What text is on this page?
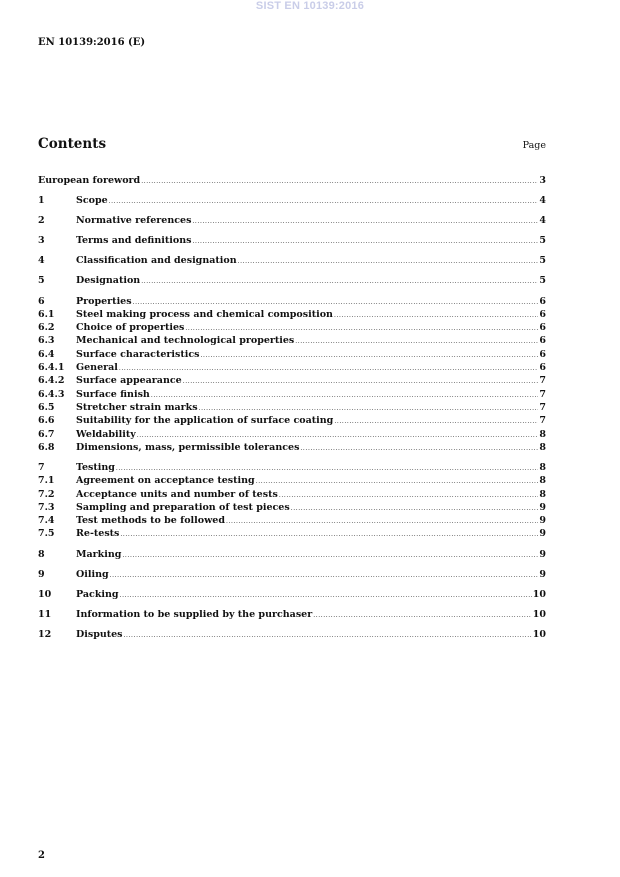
SIST EN 10139:2016
EN 10139:2016 (E)
Contents	Page
European foreword .....	3
1	Scope .....	4
2	Normative references .....	4
3	Terms and definitions .....	5
4	Classification and designation .....	5
5	Designation .....	5
6	Properties .....	6
6.1	Steel making process and chemical composition .....	6
6.2	Choice of properties .....	6
6.3	Mechanical and technological properties .....	6
6.4	Surface characteristics .....	6
6.4.1	General .....	6
6.4.2	Surface appearance .....	7
6.4.3	Surface finish .....	7
6.5	Stretcher strain marks .....	7
6.6	Suitability for the application of surface coating .....	7
6.7	Weldability .....	8
6.8	Dimensions, mass, permissible tolerances .....	8
7	Testing .....	8
7.1	Agreement on acceptance testing .....	8
7.2	Acceptance units and number of tests .....	8
7.3	Sampling and preparation of test pieces .....	9
7.4	Test methods to be followed .....	9
7.5	Re-tests .....	9
8	Marking .....	9
9	Oiling .....	9
10	Packing .....	10
11	Information to be supplied by the purchaser .....	10
12	Disputes .....	10
2
